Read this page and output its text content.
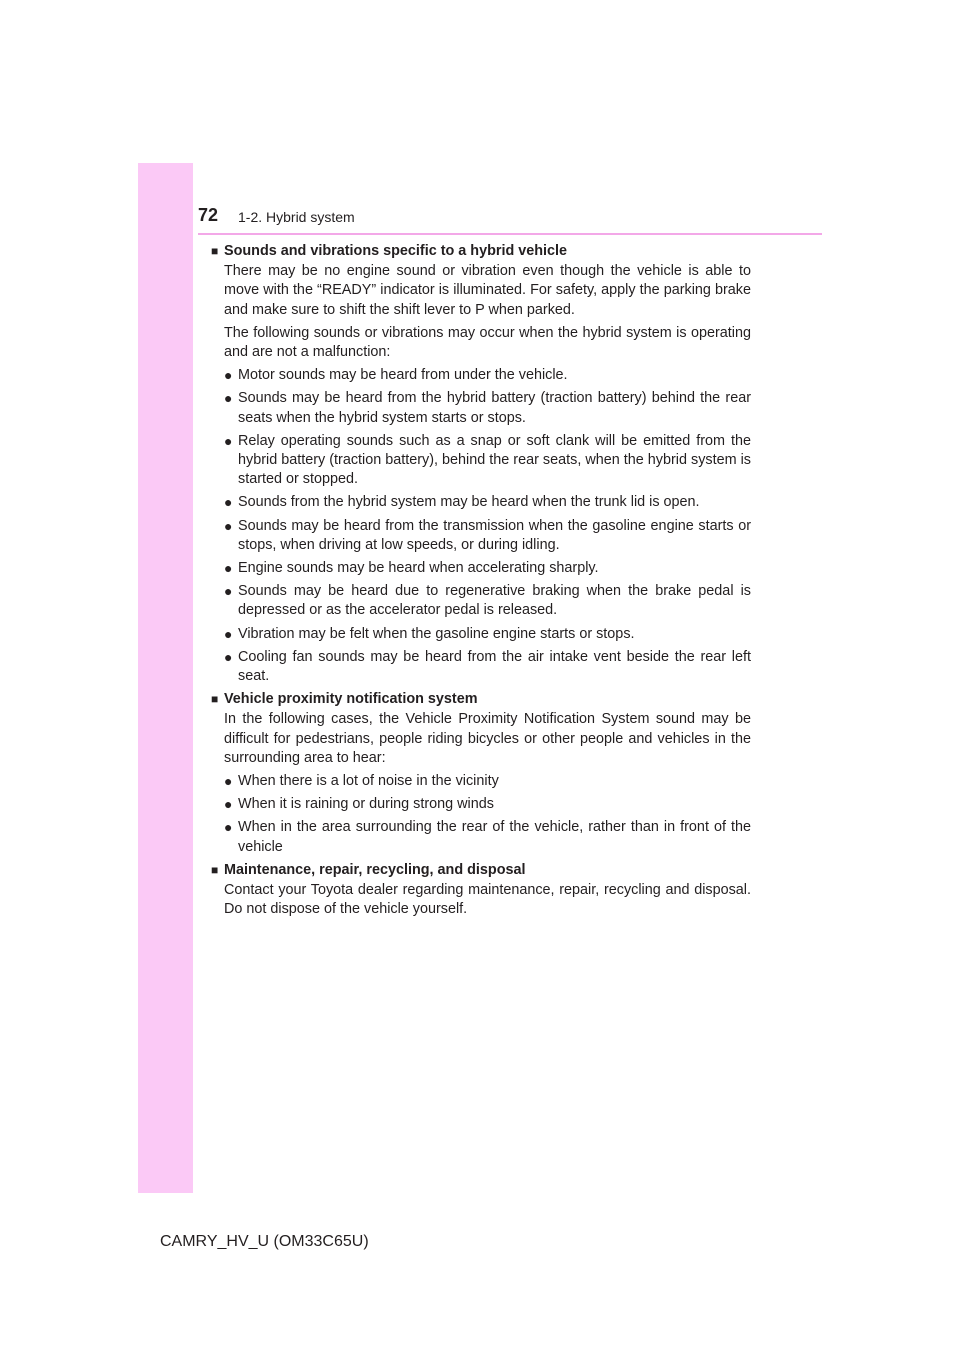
72 1-2. Hybrid system
■ Sounds and vibrations specific to a hybrid vehicle
There may be no engine sound or vibration even though the vehicle is able to move with the “READY” indicator is illuminated. For safety, apply the parking brake and make sure to shift the shift lever to P when parked.
The following sounds or vibrations may occur when the hybrid system is operating and are not a malfunction:
● Motor sounds may be heard from under the vehicle.
● Sounds may be heard from the hybrid battery (traction battery) behind the rear seats when the hybrid system starts or stops.
● Relay operating sounds such as a snap or soft clank will be emitted from the hybrid battery (traction battery), behind the rear seats, when the hybrid system is started or stopped.
● Sounds from the hybrid system may be heard when the trunk lid is open.
● Sounds may be heard from the transmission when the gasoline engine starts or stops, when driving at low speeds, or during idling.
● Engine sounds may be heard when accelerating sharply.
● Sounds may be heard due to regenerative braking when the brake pedal is depressed or as the accelerator pedal is released.
● Vibration may be felt when the gasoline engine starts or stops.
● Cooling fan sounds may be heard from the air intake vent beside the rear left seat.
■ Vehicle proximity notification system
In the following cases, the Vehicle Proximity Notification System sound may be difficult for pedestrians, people riding bicycles or other people and vehicles in the surrounding area to hear:
● When there is a lot of noise in the vicinity
● When it is raining or during strong winds
● When in the area surrounding the rear of the vehicle, rather than in front of the vehicle
■ Maintenance, repair, recycling, and disposal
Contact your Toyota dealer regarding maintenance, repair, recycling and disposal. Do not dispose of the vehicle yourself.
CAMRY_HV_U (OM33C65U)
